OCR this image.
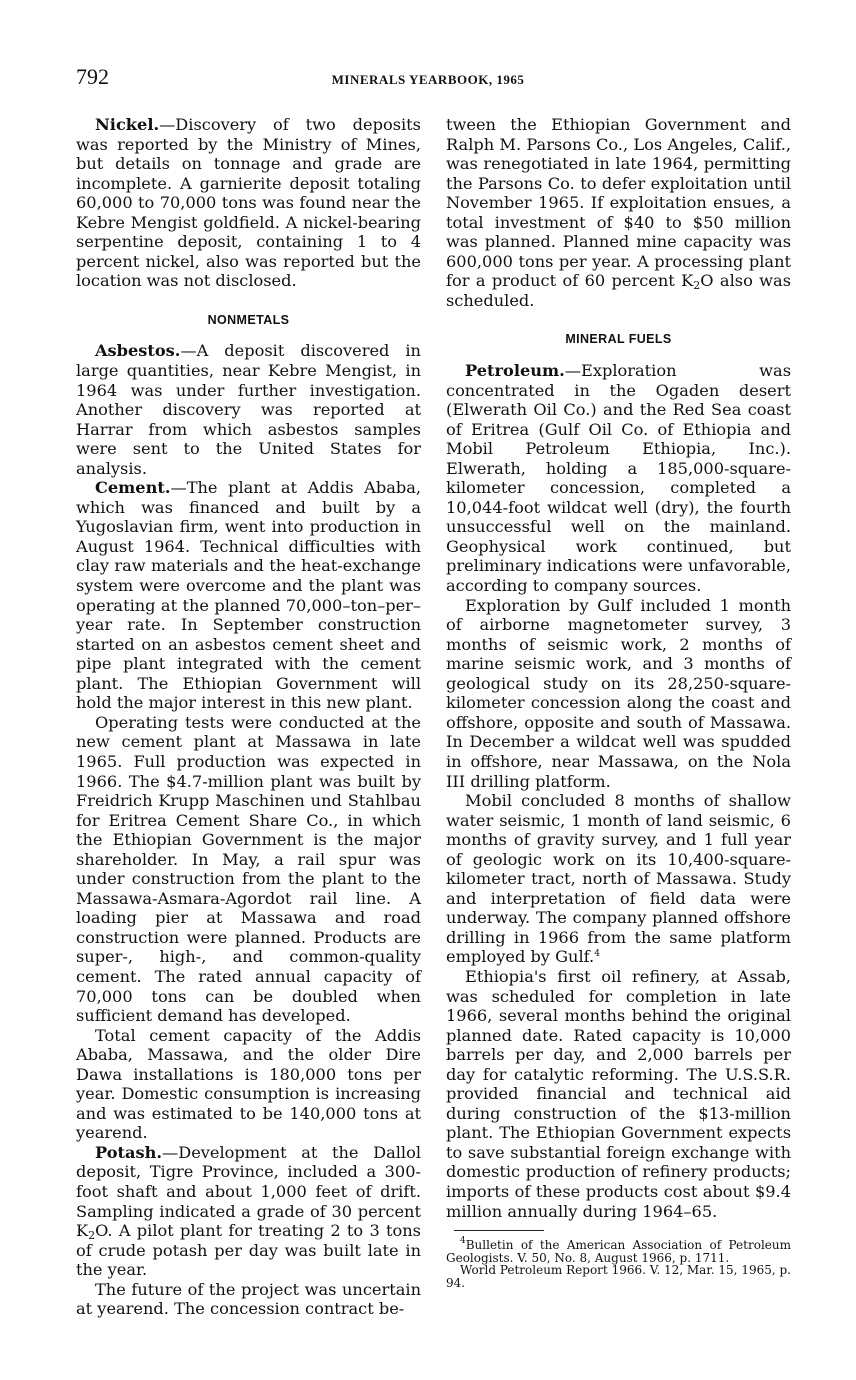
792	MINERALS YEARBOOK, 1965

Nickel.—Discovery of two deposits was reported by the Ministry of Mines, but details on tonnage and grade are incomplete. A garnierite deposit totaling 60,000 to 70,000 tons was found near the Kebre Mengist goldfield. A nickel-bearing serpentine deposit, containing 1 to 4 percent nickel, also was reported but the location was not disclosed.

NONMETALS

Asbestos.—A deposit discovered in large quantities, near Kebre Mengist, in 1964 was under further investigation. Another discovery was reported at Harrar from which asbestos samples were sent to the United States for analysis.

Cement.—The plant at Addis Ababa, which was financed and built by a Yugoslavian firm, went into production in August 1964. Technical difficulties with clay raw materials and the heat-exchange system were overcome and the plant was operating at the planned 70,000–ton–per–year rate. In September construction started on an asbestos cement sheet and pipe plant integrated with the cement plant. The Ethiopian Government will hold the major interest in this new plant.

Operating tests were conducted at the new cement plant at Massawa in late 1965. Full production was expected in 1966. The $4.7-million plant was built by Freidrich Krupp Maschinen und Stahlbau for Eritrea Cement Share Co., in which the Ethiopian Government is the major shareholder. In May, a rail spur was under construction from the plant to the Massawa-Asmara-Agordot rail line. A loading pier at Massawa and road construction were planned. Products are super-, high-, and common-quality cement. The rated annual capacity of 70,000 tons can be doubled when sufficient demand has developed.

Total cement capacity of the Addis Ababa, Massawa, and the older Dire Dawa installations is 180,000 tons per year. Domestic consumption is increasing and was estimated to be 140,000 tons at yearend.

Potash.—Development at the Dallol deposit, Tigre Province, included a 300-foot shaft and about 1,000 feet of drift. Sampling indicated a grade of 30 percent $K_2O$. A pilot plant for treating 2 to 3 tons of crude potash per day was built late in the year.

The future of the project was uncertain at yearend. The concession contract be-

tween the Ethiopian Government and Ralph M. Parsons Co., Los Angeles, Calif., was renegotiated in late 1964, permitting the Parsons Co. to defer exploitation until November 1965. If exploitation ensues, a total investment of $40 to $50 million was planned. Planned mine capacity was 600,000 tons per year. A processing plant for a product of 60 percent $K_2O$ also was scheduled.

MINERAL FUELS

Petroleum.—Exploration was concentrated in the Ogaden desert (Elwerath Oil Co.) and the Red Sea coast of Eritrea (Gulf Oil Co. of Ethiopia and Mobil Petroleum Ethiopia, Inc.). Elwerath, holding a 185,000-square-kilometer concession, completed a 10,044-foot wildcat well (dry), the fourth unsuccessful well on the mainland. Geophysical work continued, but preliminary indications were unfavorable, according to company sources.

Exploration by Gulf included 1 month of airborne magnetometer survey, 3 months of seismic work, 2 months of marine seismic work, and 3 months of geological study on its 28,250-square-kilometer concession along the coast and offshore, opposite and south of Massawa. In December a wildcat well was spudded in offshore, near Massawa, on the Nola III drilling platform.

Mobil concluded 8 months of shallow water seismic, 1 month of land seismic, 6 months of gravity survey, and 1 full year of geologic work on its 10,400-square-kilometer tract, north of Massawa. Study and interpretation of field data were underway. The company planned offshore drilling in 1966 from the same platform employed by Gulf.$^4$

Ethiopia's first oil refinery, at Assab, was scheduled for completion in late 1966, several months behind the original planned date. Rated capacity is 10,000 barrels per day, and 2,000 barrels per day for catalytic reforming. The U.S.S.R. provided financial and technical aid during construction of the $13-million plant. The Ethiopian Government expects to save substantial foreign exchange with domestic production of refinery products; imports of these products cost about $9.4 million annually during 1964–65.

$^4$Bulletin of the American Association of Petroleum Geologists. V. 50, No. 8, August 1966, p. 1711.

World Petroleum Report 1966. V. 12, Mar. 15, 1965, p. 94.
